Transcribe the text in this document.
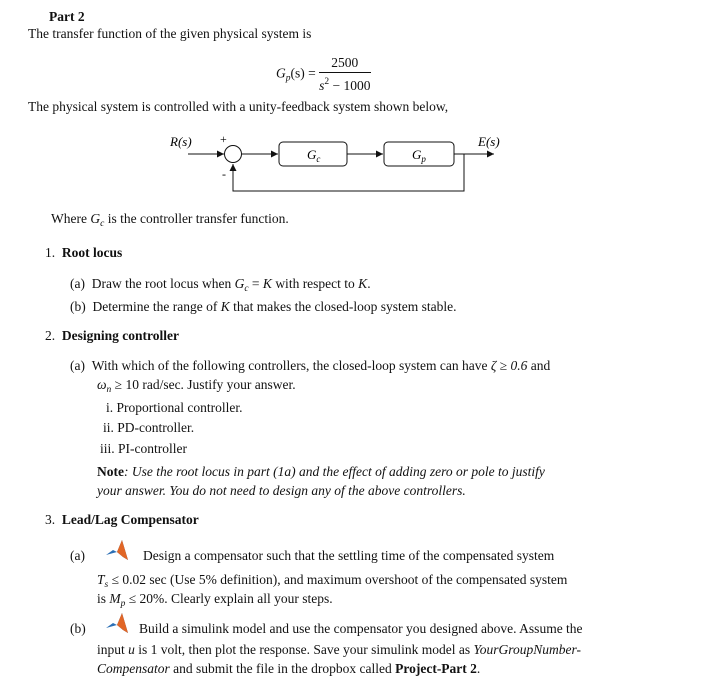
Part 2
The transfer function of the given physical system is
$G_p(s) = \frac{2500}{s^2 - 1000}$
The physical system is controlled with a unity-feedback system shown below,
R(s) +
-
E(s)
$G_c$	$G_p$
Where $G_c$ is the controller transfer function.
1. Root locus
(a) Draw the root locus when $G_c = K$ with respect to K.
(b) Determine the range of K that makes the closed-loop system stable.
2. Designing controller
(a) With which of the following controllers, the closed-loop system can have ζ ≥ 0.6 and
$\omega_n \ge 10$ rad/sec. Justify your answer.
i. Proportional controller.
ii. PD-controller.
iii. PI-controller
Note: Use the root locus in part (1a) and the effect of adding zero or pole to justify
your answer. You do not need to design any of the above controllers.
3. Lead/Lag Compensator
(a)	Design a compensator such that the settling time of the compensated system
$T_s \le 0.02$ sec (Use 5% definition), and maximum overshoot of the compensated system
is $M_p \le 20\%$. Clearly explain all your steps.
(b)	Build a simulink model and use the compensator you designed above. Assume the
input u is 1 volt, then plot the response. Save your simulink model as YourGroupNumber-
Compensator and submit the file in the dropbox called Project-Part 2.
